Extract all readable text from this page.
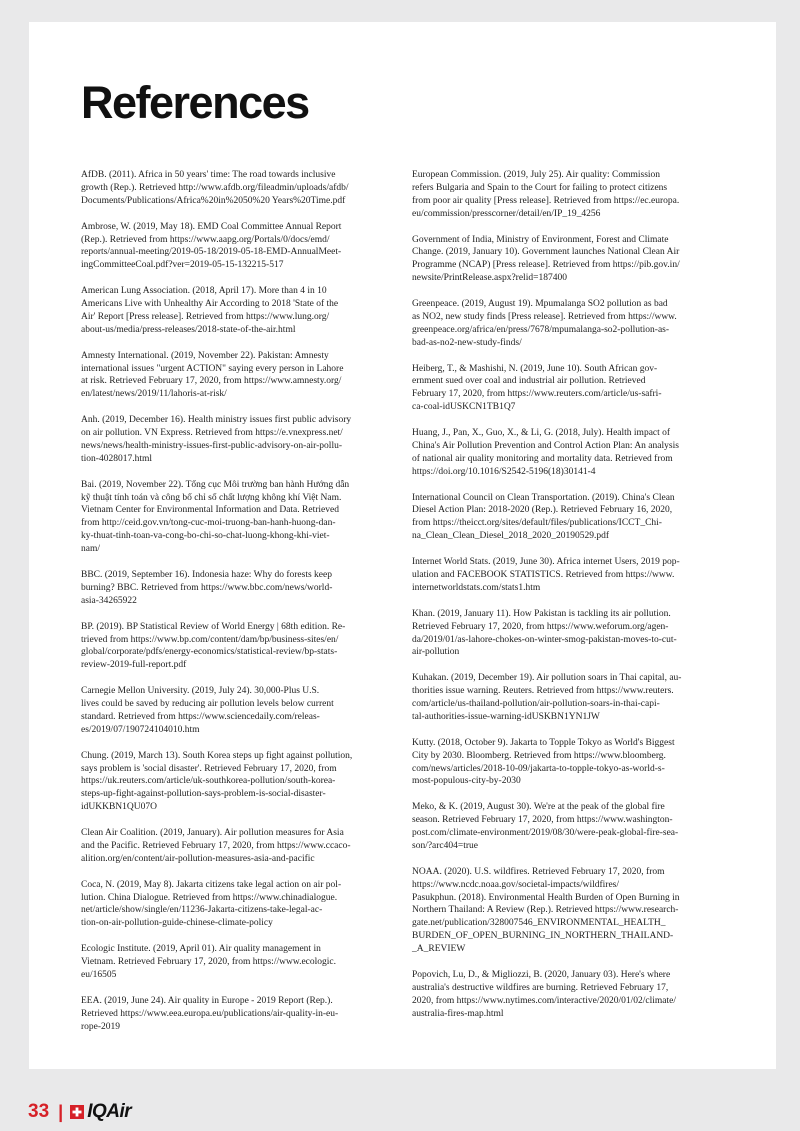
References

AfDB. (2011). Africa in 50 years' time: The road towards inclusive
growth (Rep.). Retrieved http://www.afdb.org/fileadmin/uploads/afdb/
Documents/Publications/Africa%20in%2050%20 Years%20Time.pdf

Ambrose, W. (2019, May 18). EMD Coal Committee Annual Report
(Rep.). Retrieved from https://www.aapg.org/Portals/0/docs/emd/
reports/annual-meeting/2019-05-18/2019-05-18-EMD-AnnualMeet-
ingCommitteeCoal.pdf?ver=2019-05-15-132215-517

American Lung Association. (2018, April 17). More than 4 in 10
Americans Live with Unhealthy Air According to 2018 'State of the
Air' Report [Press release]. Retrieved from https://www.lung.org/
about-us/media/press-releases/2018-state-of-the-air.html

Amnesty International. (2019, November 22). Pakistan: Amnesty
international issues "urgent ACTION" saying every person in Lahore
at risk. Retrieved February 17, 2020, from https://www.amnesty.org/
en/latest/news/2019/11/lahoris-at-risk/

Anh. (2019, December 16). Health ministry issues first public advisory
on air pollution. VN Express. Retrieved from https://e.vnexpress.net/
news/news/health-ministry-issues-first-public-advisory-on-air-pollu-
tion-4028017.html

Bai. (2019, November 22). Tổng cục Môi trường ban hành Hướng dẫn
kỹ thuật tính toán và công bố chỉ số chất lượng không khí Việt Nam.
Vietnam Center for Environmental Information and Data. Retrieved
from http://ceid.gov.vn/tong-cuc-moi-truong-ban-hanh-huong-dan-
ky-thuat-tinh-toan-va-cong-bo-chi-so-chat-luong-khong-khi-viet-
nam/

BBC. (2019, September 16). Indonesia haze: Why do forests keep
burning? BBC. Retrieved from https://www.bbc.com/news/world-
asia-34265922

BP. (2019). BP Statistical Review of World Energy | 68th edition. Re-
trieved from https://www.bp.com/content/dam/bp/business-sites/en/
global/corporate/pdfs/energy-economics/statistical-review/bp-stats-
review-2019-full-report.pdf

Carnegie Mellon University. (2019, July 24). 30,000-Plus U.S.
lives could be saved by reducing air pollution levels below current
standard. Retrieved from https://www.sciencedaily.com/releas-
es/2019/07/190724104010.htm

Chung. (2019, March 13). South Korea steps up fight against pollution,
says problem is 'social disaster'. Retrieved February 17, 2020, from
https://uk.reuters.com/article/uk-southkorea-pollution/south-korea-
steps-up-fight-against-pollution-says-problem-is-social-disaster-
idUKKBN1QU07O

Clean Air Coalition. (2019, January). Air pollution measures for Asia
and the Pacific. Retrieved February 17, 2020, from https://www.ccaco-
alition.org/en/content/air-pollution-measures-asia-and-pacific

Coca, N. (2019, May 8). Jakarta citizens take legal action on air pol-
lution. China Dialogue. Retrieved from https://www.chinadialogue.
net/article/show/single/en/11236-Jakarta-citizens-take-legal-ac-
tion-on-air-pollution-guide-chinese-climate-policy

Ecologic Institute. (2019, April 01). Air quality management in
Vietnam. Retrieved February 17, 2020, from https://www.ecologic.
eu/16505

EEA. (2019, June 24). Air quality in Europe - 2019 Report (Rep.).
Retrieved https://www.eea.europa.eu/publications/air-quality-in-eu-
rope-2019

European Commission. (2019, July 25). Air quality: Commission
refers Bulgaria and Spain to the Court for failing to protect citizens
from poor air quality [Press release]. Retrieved from https://ec.europa.
eu/commission/presscorner/detail/en/IP_19_4256

Government of India, Ministry of Environment, Forest and Climate
Change. (2019, January 10). Government launches National Clean Air
Programme (NCAP) [Press release]. Retrieved from https://pib.gov.in/
newsite/PrintRelease.aspx?relid=187400

Greenpeace. (2019, August 19). Mpumalanga SO2 pollution as bad
as NO2, new study finds [Press release]. Retrieved from https://www.
greenpeace.org/africa/en/press/7678/mpumalanga-so2-pollution-as-
bad-as-no2-new-study-finds/

Heiberg, T., & Mashishi, N. (2019, June 10). South African gov-
ernment sued over coal and industrial air pollution. Retrieved
February 17, 2020, from https://www.reuters.com/article/us-safri-
ca-coal-idUSKCN1TB1Q7

Huang, J., Pan, X., Guo, X., & Li, G. (2018, July). Health impact of
China's Air Pollution Prevention and Control Action Plan: An analysis
of national air quality monitoring and mortality data. Retrieved from
https://doi.org/10.1016/S2542-5196(18)30141-4

International Council on Clean Transportation. (2019). China's Clean
Diesel Action Plan: 2018-2020 (Rep.). Retrieved February 16, 2020,
from https://theicct.org/sites/default/files/publications/ICCT_Chi-
na_Clean_Clean_Diesel_2018_2020_20190529.pdf

Internet World Stats. (2019, June 30). Africa internet Users, 2019 pop-
ulation and FACEBOOK STATISTICS. Retrieved from https://www.
internetworldstats.com/stats1.htm

Khan. (2019, January 11). How Pakistan is tackling its air pollution.
Retrieved February 17, 2020, from https://www.weforum.org/agen-
da/2019/01/as-lahore-chokes-on-winter-smog-pakistan-moves-to-cut-
air-pollution

Kuhakan. (2019, December 19). Air pollution soars in Thai capital, au-
thorities issue warning. Reuters. Retrieved from https://www.reuters.
com/article/us-thailand-pollution/air-pollution-soars-in-thai-capi-
tal-authorities-issue-warning-idUSKBN1YN1JW

Kutty. (2018, October 9). Jakarta to Topple Tokyo as World's Biggest
City by 2030. Bloomberg. Retrieved from https://www.bloomberg.
com/news/articles/2018-10-09/jakarta-to-topple-tokyo-as-world-s-
most-populous-city-by-2030

Meko, & K. (2019, August 30). We're at the peak of the global fire
season. Retrieved February 17, 2020, from https://www.washington-
post.com/climate-environment/2019/08/30/were-peak-global-fire-sea-
son/?arc404=true

NOAA. (2020). U.S. wildfires. Retrieved February 17, 2020, from
https://www.ncdc.noaa.gov/societal-impacts/wildfires/
Pasukphun. (2018). Environmental Health Burden of Open Burning in
Northern Thailand: A Review (Rep.). Retrieved https://www.research-
gate.net/publication/328007546_ENVIRONMENTAL_HEALTH_
BURDEN_OF_OPEN_BURNING_IN_NORTHERN_THAILAND-
_A_REVIEW

Popovich, Lu, D., & Migliozzi, B. (2020, January 03). Here's where
australia's destructive wildfires are burning. Retrieved February 17,
2020, from https://www.nytimes.com/interactive/2020/01/02/climate/
australia-fires-map.html

33 | IQAir
